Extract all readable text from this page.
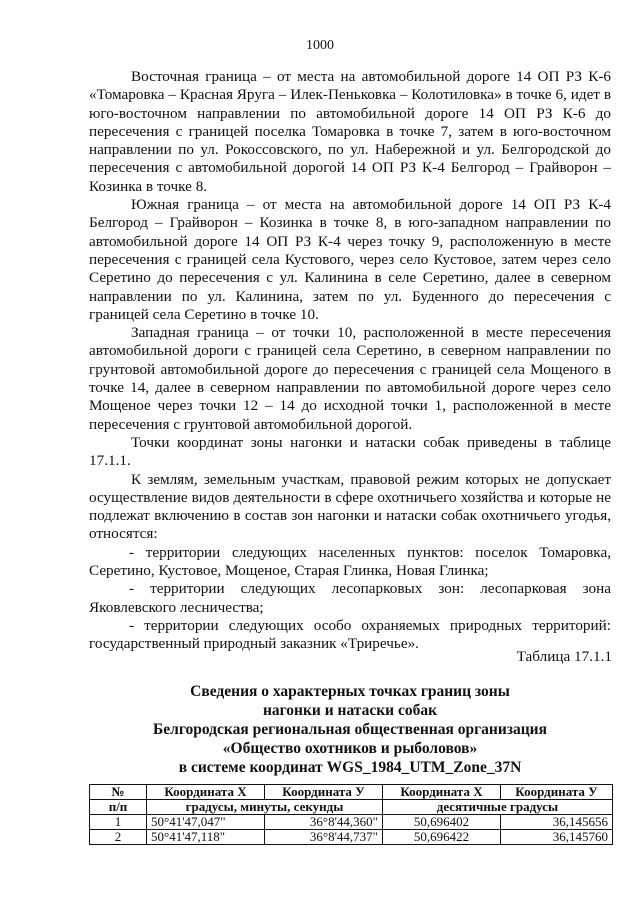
1000

Восточная граница – от места на автомобильной дороге 14 ОП РЗ К-6 «Томаровка – Красная Яруга – Илек-Пеньковка – Колотиловка» в точке 6, идет в юго-восточном направлении по автомобильной дороге 14 ОП РЗ К-6 до пересечения с границей поселка Томаровка в точке 7, затем в юго-восточном направлении по ул. Рокоссовского, по ул. Набережной и ул. Белгородской до пересечения с автомобильной дорогой 14 ОП РЗ К-4 Белгород – Грайворон – Козинка в точке 8.

Южная граница – от места на автомобильной дороге 14 ОП РЗ К-4 Белгород – Грайворон – Козинка в точке 8, в юго-западном направлении по автомобильной дороге 14 ОП РЗ К-4 через точку 9, расположенную в месте пересечения с границей села Кустового, через село Кустовое, затем через село Серетино до пересечения с ул. Калинина в селе Серетино, далее в северном направлении по ул. Калинина, затем по ул. Буденного до пересечения с границей села Серетино в точке 10.

Западная граница – от точки 10, расположенной в месте пересечения автомобильной дороги с границей села Серетино, в северном направлении по грунтовой автомобильной дороге до пересечения с границей села Мощеного в точке 14, далее в северном направлении по автомобильной дороге через село Мощеное через точки 12 – 14 до исходной точки 1, расположенной в месте пересечения с грунтовой автомобильной дорогой.

Точки координат зоны нагонки и натаски собак приведены в таблице 17.1.1.

К землям, земельным участкам, правовой режим которых не допускает осуществление видов деятельности в сфере охотничьего хозяйства и которые не подлежат включению в состав зон нагонки и натаски собак охотничьего угодья, относятся:

- территории следующих населенных пунктов: поселок Томаровка, Серетино, Кустовое, Мощеное, Старая Глинка, Новая Глинка;

- территории следующих лесопарковых зон: лесопарковая зона Яковлевского лесничества;

- территории следующих особо охраняемых природных территорий: государственный природный заказник «Триречье».

Таблица 17.1.1
Сведения о характерных точках границ зоны
нагонки и натаски собак
Белгородская региональная общественная организация
«Общество охотников и рыболовов»
в системе координат WGS_1984_UTM_Zone_37N
№	Координата X	Координата У	Координата X	Координата У
п/п	градусы, минуты, секунды		десятичные градусы	
1	50°41'47,047"	36°8'44,360"	50,696402	36,145656
2	50°41'47,118"	36°8'44,737"	50,696422	36,145760
